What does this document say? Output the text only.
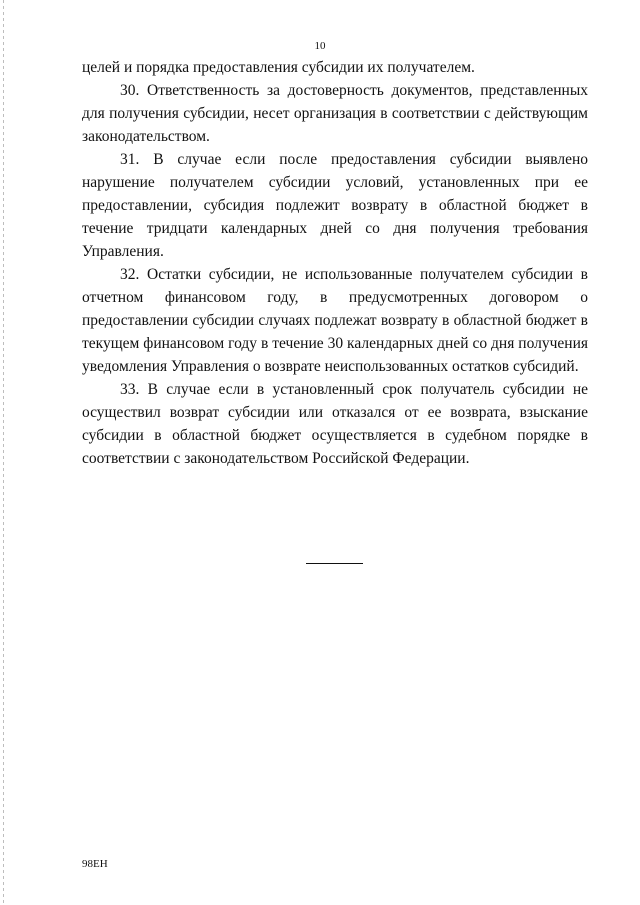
10

целей и порядка предоставления субсидии их получателем.

30. Ответственность за достоверность документов, представленных для получения субсидии, несет организация в соответствии с действующим законодательством.

31. В случае если после предоставления субсидии выявлено нарушение получателем субсидии условий, установленных при ее предоставлении, субсидия подлежит возврату в областной бюджет в течение тридцати календарных дней со дня получения требования Управления.

32. Остатки субсидии, не использованные получателем субсидии в отчетном финансовом году, в предусмотренных договором о предоставлении субсидии случаях подлежат возврату в областной бюджет в текущем финансовом году в течение 30 календарных дней со дня получения уведомления Управления о возврате неиспользованных остатков субсидий.

33. В случае если в установленный срок получатель субсидии не осуществил возврат субсидии или отказался от ее возврата, взыскание субсидии в областной бюджет осуществляется в судебном порядке в соответствии с законодательством Российской Федерации.

98ЕН
